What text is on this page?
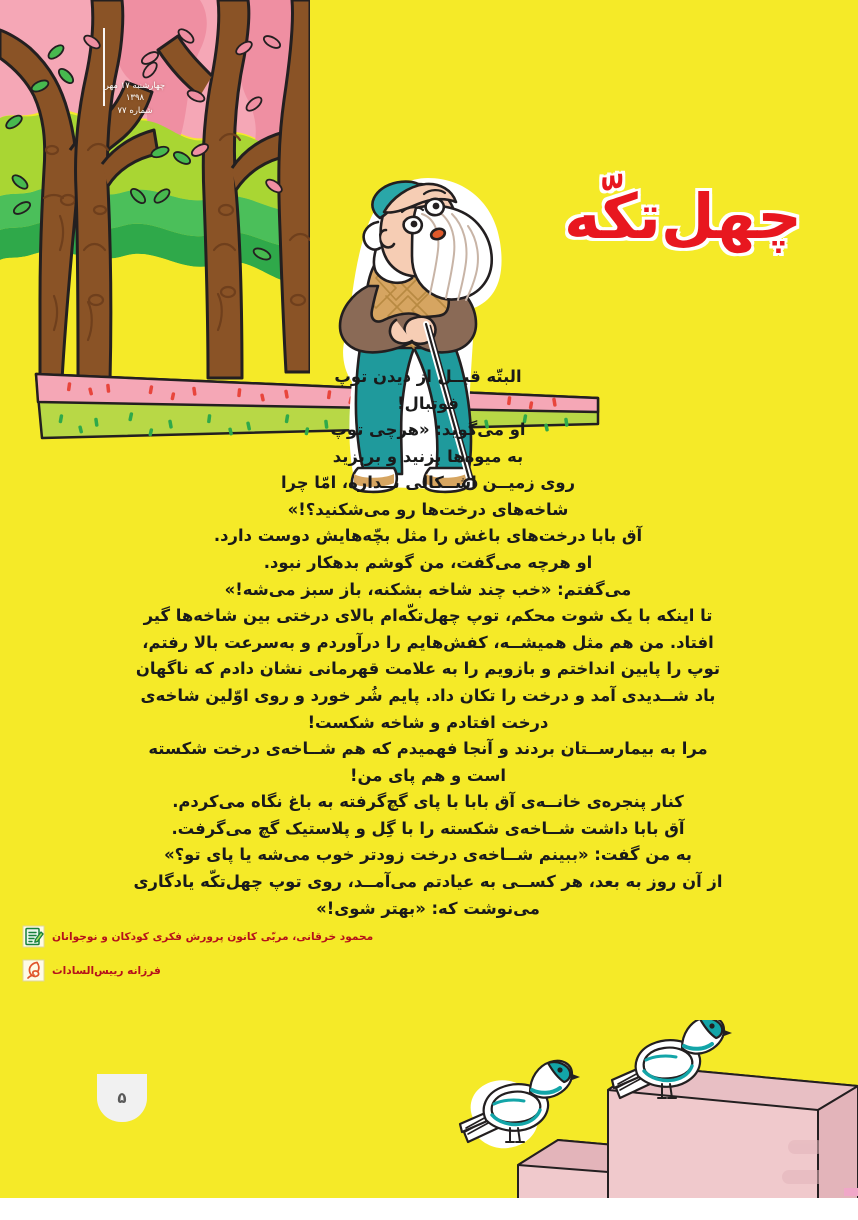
چهارشنبه ۱۷ مهر ۱۳۹۸
شماره ۷۷
چهل‌تکّه

البتّه قبــل از دیدن توپ

فوتبال!

او می‌گوید: «هرچی توپ

به میوه‌ها بزنید و بریزید

روی زمیــن اشــکالی نــداره، امّا چرا

شاخه‌های درخت‌ها رو می‌شکنید؟!»

آق بابا درخت‌های باغش را مثل بچّه‌هایش دوست دارد.

او هرچه می‌گفت، من گوشم بدهکار نبود.

می‌گفتم: «خب چند شاخه بشکنه، باز سبز می‌شه!»

تا اینکه با یک شوت محکم، توپ چهل‌تکّه‌ام بالای درختی بین شاخه‌ها گیر

افتاد. من هم مثل همیشــه، کفش‌هایم را درآوردم و به‌سرعت بالا رفتم،

توپ را پایین انداختم و بازویم را به علامت قهرمانی نشان دادم که ناگهان

باد شــدیدی آمد و درخت را تکان داد. پایم شُر خورد و روی اوّلین شاخه‌ی

درخت افتادم و شاخه شکست!

مرا به بیمارســتان بردند و آنجا فهمیدم که هم شــاخه‌ی درخت شکسته

است و هم پای من!

کنار پنجره‌ی خانــه‌ی آق بابا با پای گچ‌گرفته به باغ نگاه می‌کردم.

آق بابا داشت شــاخه‌ی شکسته را با گِل و پلاستیک گچ می‌گرفت.

به من گفت: «ببینم شــاخه‌ی درخت زودتر خوب می‌شه یا پای تو؟»

از آن روز به بعد، هر کســی به عیادتم می‌آمــد، روی توپ چهل‌تکّه یادگاری

می‌نوشت که: «بهتر شوی!»

محمود خرقانی، مربّی کانون پرورش فکری کودکان و نوجوانان
فرزانه رییس‌السادات
۵
